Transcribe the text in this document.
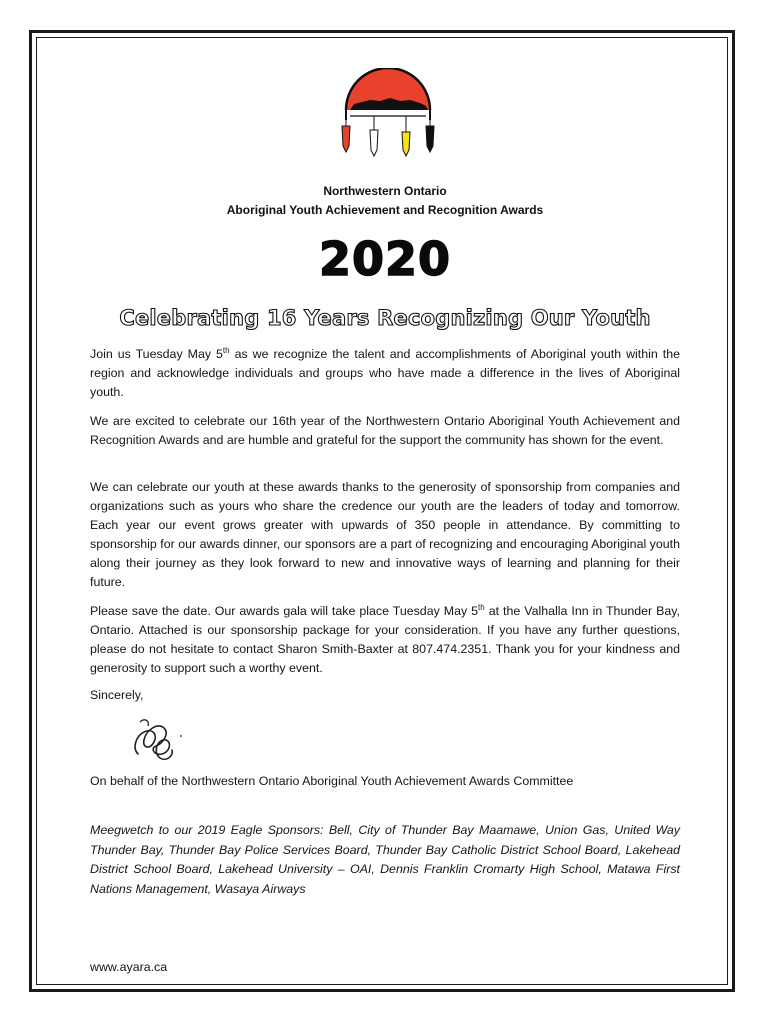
Northwestern Ontario
Aboriginal Youth Achievement and Recognition Awards
2020
Celebrating 16 Years Recognizing Our Youth

Join us Tuesday May 5th as we recognize the talent and accomplishments of Aboriginal youth within the region and acknowledge individuals and groups who have made a difference in the lives of Aboriginal youth.

We are excited to celebrate our 16th year of the Northwestern Ontario Aboriginal Youth Achievement and Recognition Awards and are humble and grateful for the support the community has shown for the event.

We can celebrate our youth at these awards thanks to the generosity of sponsorship from companies and organizations such as yours who share the credence our youth are the leaders of today and tomorrow. Each year our event grows greater with upwards of 350 people in attendance. By committing to sponsorship for our awards dinner, our sponsors are a part of recognizing and encouraging Aboriginal youth along their journey as they look forward to new and innovative ways of learning and planning for their future.

Please save the date. Our awards gala will take place Tuesday May 5th at the Valhalla Inn in Thunder Bay, Ontario. Attached is our sponsorship package for your consideration. If you have any further questions, please do not hesitate to contact Sharon Smith-Baxter at 807.474.2351. Thank you for your kindness and generosity to support such a worthy event.

Sincerely,
On behalf of the Northwestern Ontario Aboriginal Youth Achievement Awards Committee

Meegwetch to our 2019 Eagle Sponsors: Bell, City of Thunder Bay Maamawe, Union Gas, United Way Thunder Bay, Thunder Bay Police Services Board, Thunder Bay Catholic District School Board, Lakehead District School Board, Lakehead University – OAI, Dennis Franklin Cromarty High School, Matawa First Nations Management, Wasaya Airways

www.ayara.ca
